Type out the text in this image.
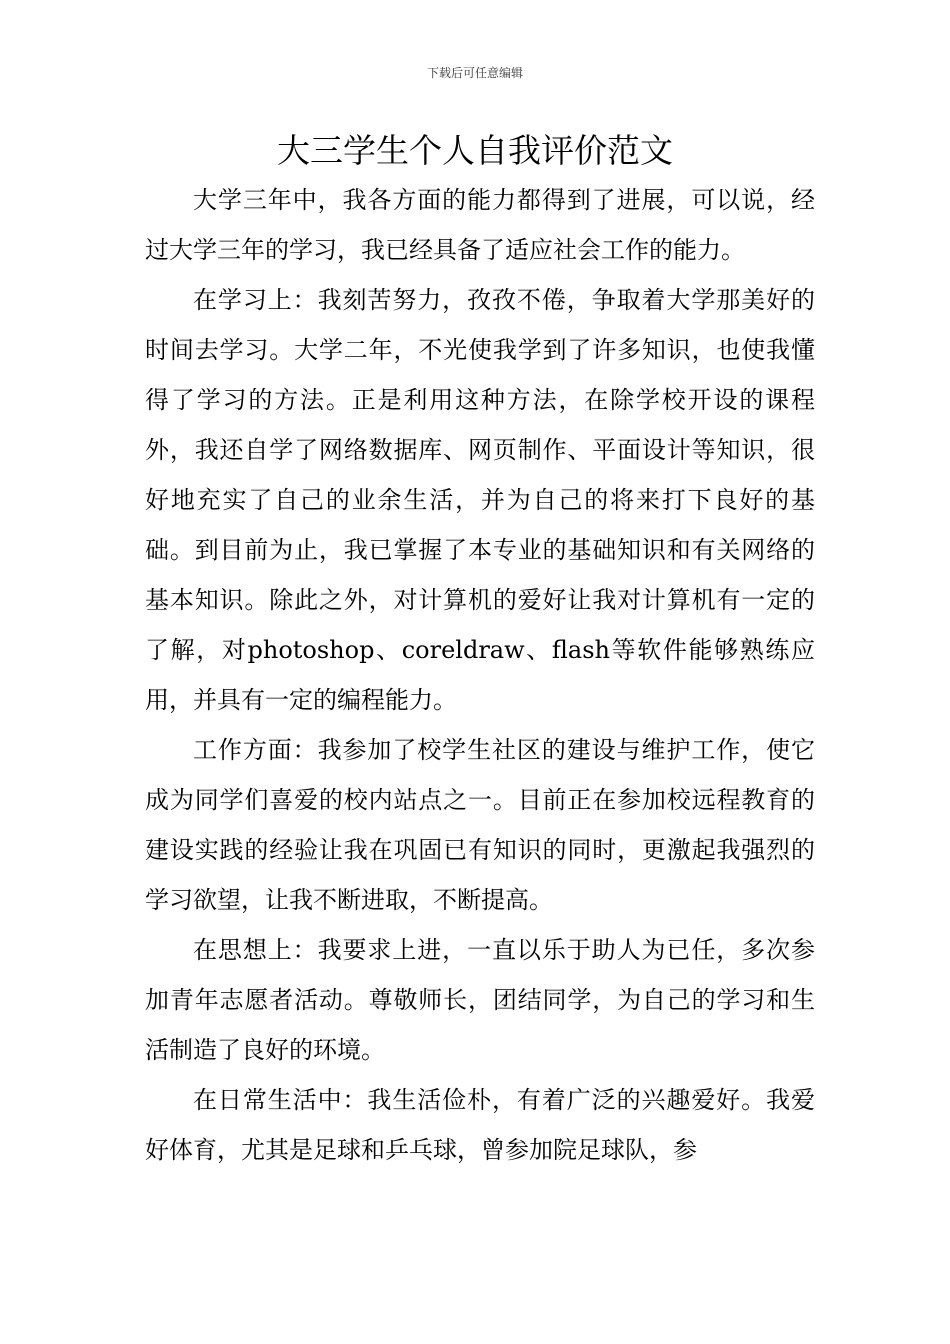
下载后可任意编辑
大三学生个人自我评价范文

大学三年中，我各方面的能力都得到了进展，可以说，经过大学三年的学习，我已经具备了适应社会工作的能力。

在学习上：我刻苦努力，孜孜不倦，争取着大学那美好的时间去学习。大学二年，不光使我学到了许多知识，也使我懂得了学习的方法。正是利用这种方法，在除学校开设的课程外，我还自学了网络数据库、网页制作、平面设计等知识，很好地充实了自己的业余生活，并为自己的将来打下良好的基础。到目前为止，我已掌握了本专业的基础知识和有关网络的基本知识。除此之外，对计算机的爱好让我对计算机有一定的了解，对photoshop、coreldraw、flash等软件能够熟练应用，并具有一定的编程能力。

工作方面：我参加了校学生社区的建设与维护工作，使它成为同学们喜爱的校内站点之一。目前正在参加校远程教育的建设实践的经验让我在巩固已有知识的同时，更激起我强烈的学习欲望，让我不断进取，不断提高。

在思想上：我要求上进，一直以乐于助人为已任，多次参加青年志愿者活动。尊敬师长，团结同学，为自己的学习和生活制造了良好的环境。

在日常生活中：我生活俭朴，有着广泛的兴趣爱好。我爱好体育，尤其是足球和乒乓球，曾参加院足球队，参
